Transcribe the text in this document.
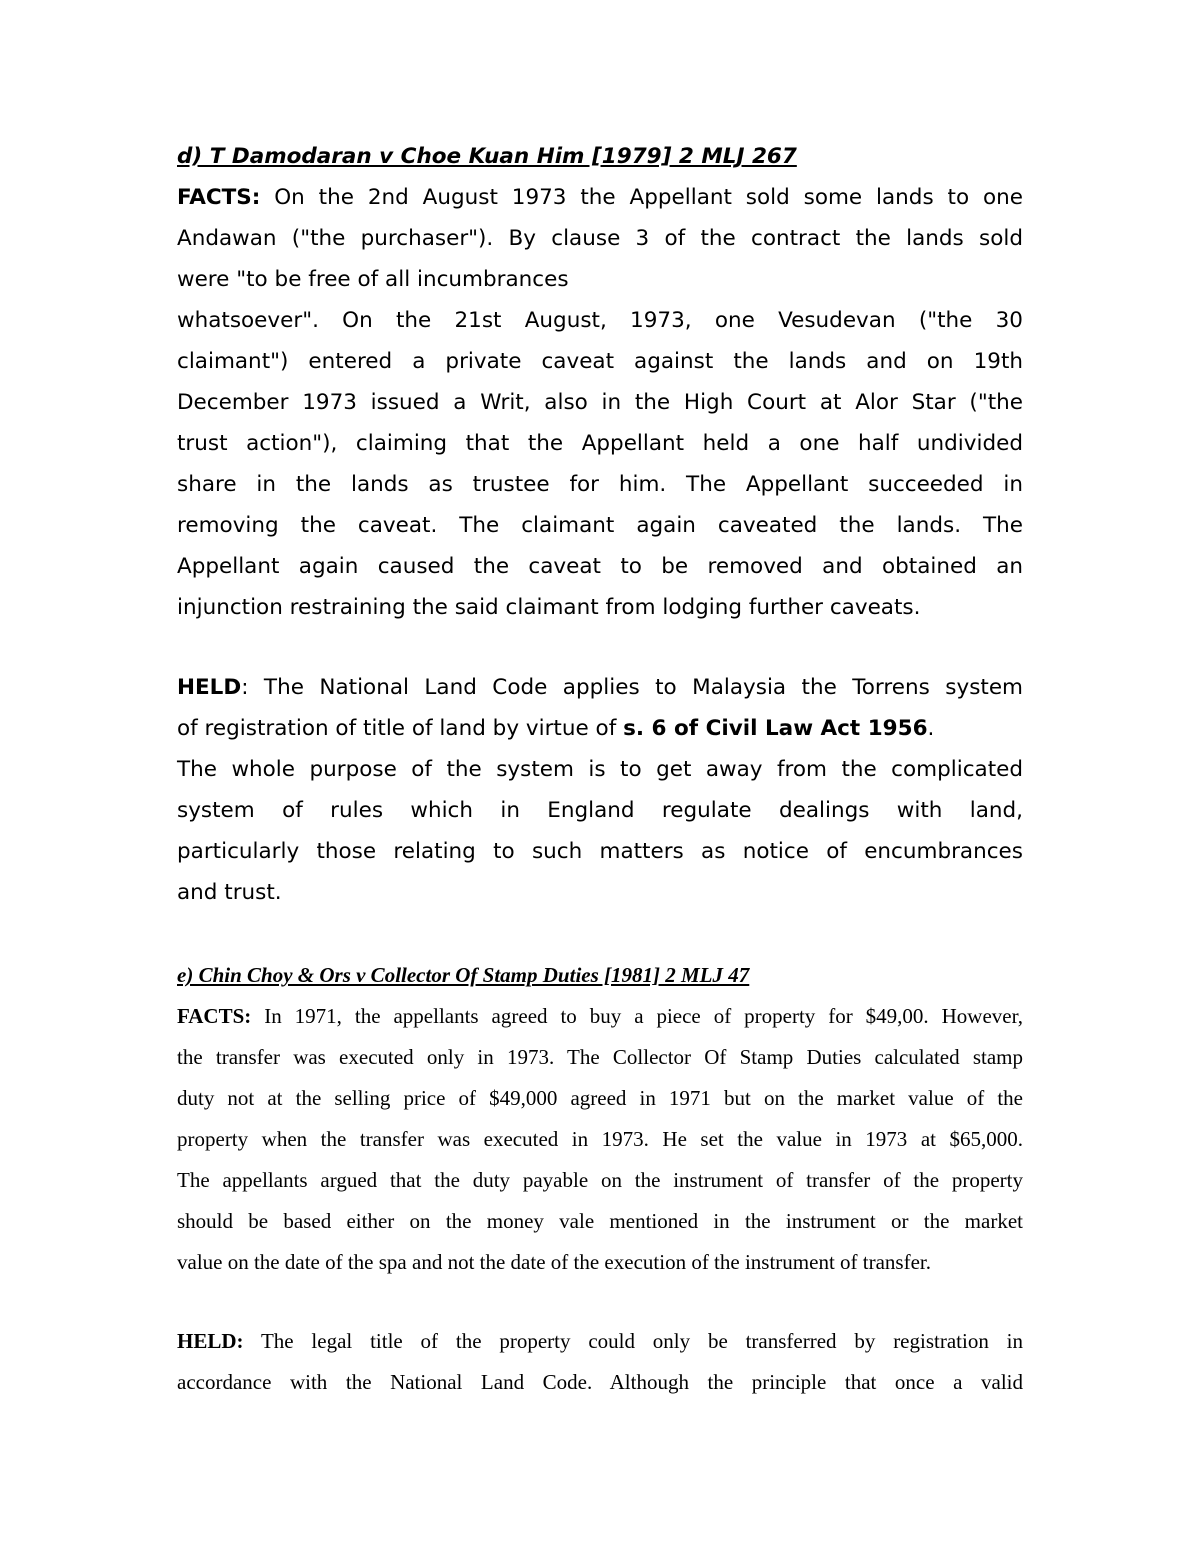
d) T Damodaran v Choe Kuan Him [1979] 2 MLJ 267
FACTS: On the 2nd August 1973 the Appellant sold some lands to one
Andawan ("the purchaser"). By clause 3 of the contract the lands sold
were "to be free of all incumbrances
whatsoever". On the 21st August, 1973, one Vesudevan ("the 30
claimant") entered a private caveat against the lands and on 19th
December 1973 issued a Writ, also in the High Court at Alor Star ("the
trust action"), claiming that the Appellant held a one half undivided
share in the lands as trustee for him. The Appellant succeeded in
removing the caveat. The claimant again caveated the lands. The
Appellant again caused the caveat to be removed and obtained an
injunction restraining the said claimant from lodging further caveats.
HELD: The National Land Code applies to Malaysia the Torrens system
of registration of title of land by virtue of s. 6 of Civil Law Act 1956.
The whole purpose of the system is to get away from the complicated
system of rules which in England regulate dealings with land,
particularly those relating to such matters as notice of encumbrances
and trust.
e) Chin Choy & Ors v Collector Of Stamp Duties [1981] 2 MLJ 47
FACTS: In 1971, the appellants agreed to buy a piece of property for $49,00. However,
the transfer was executed only in 1973. The Collector Of Stamp Duties calculated stamp
duty not at the selling price of $49,000 agreed in 1971 but on the market value of the
property when the transfer was executed in 1973. He set the value in 1973 at $65,000.
The appellants argued that the duty payable on the instrument of transfer of the property
should be based either on the money vale mentioned in the instrument or the market
value on the date of the spa and not the date of the execution of the instrument of transfer.
HELD: The legal title of the property could only be transferred by registration in
accordance with the National Land Code. Although the principle that once a valid
